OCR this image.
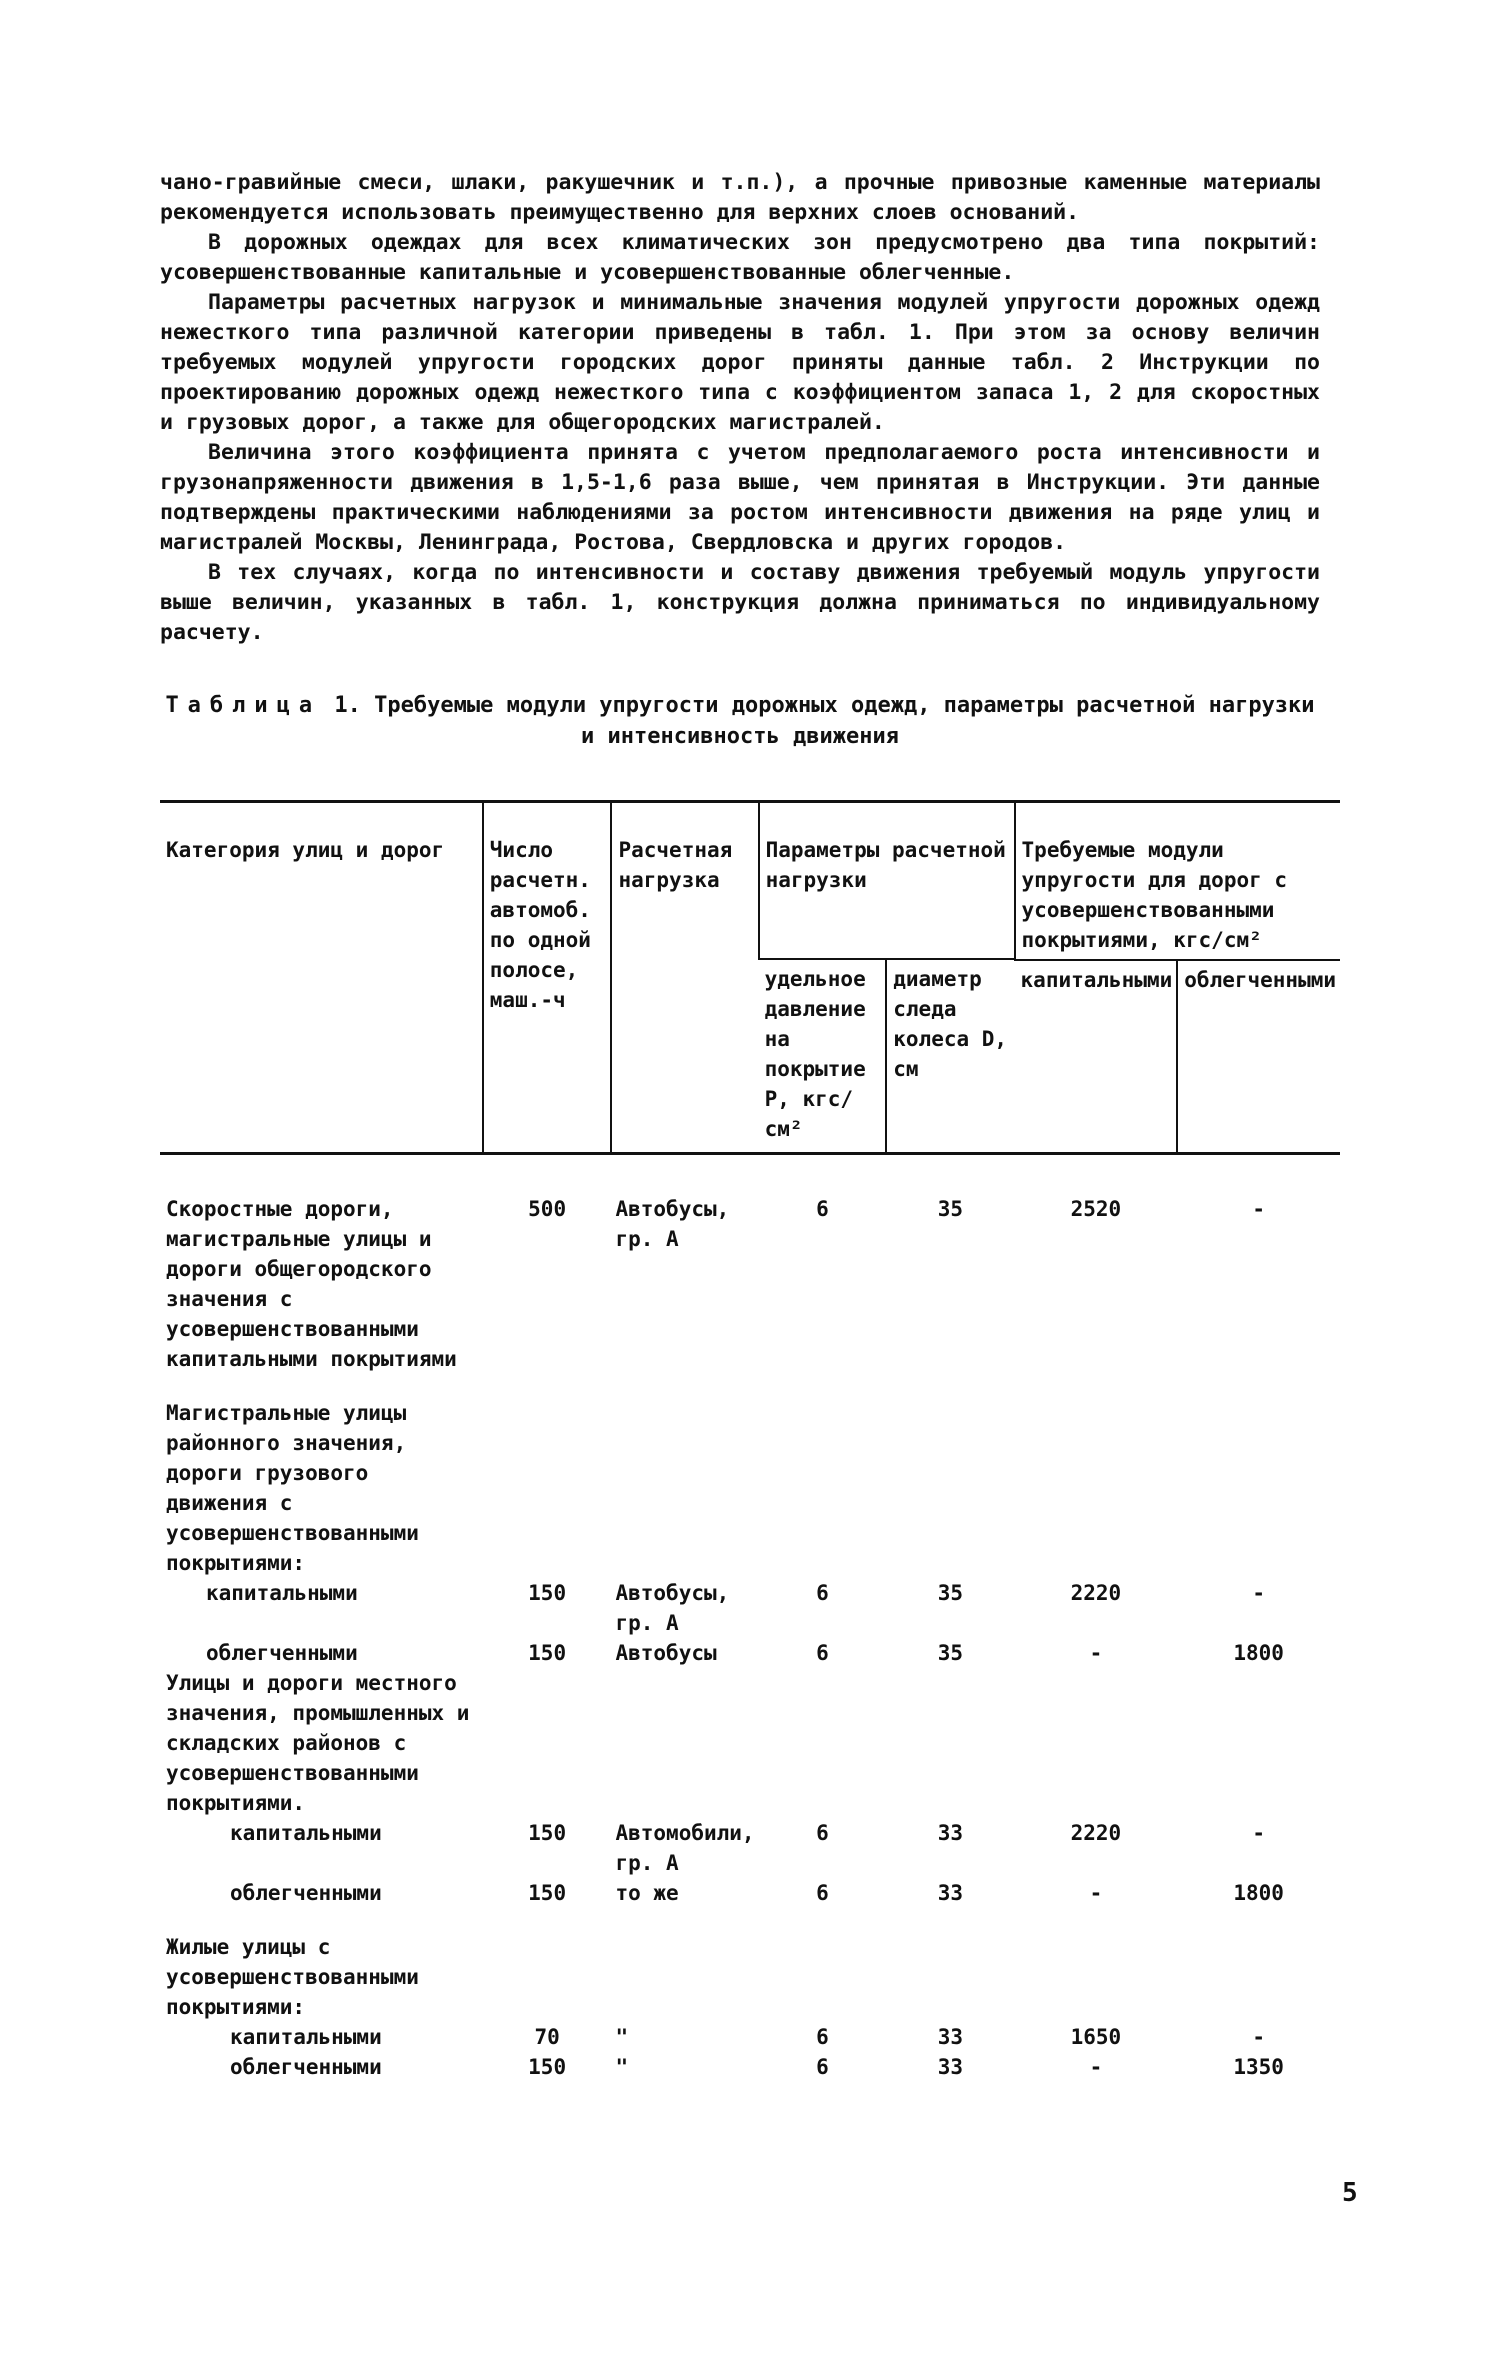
чано-гравийные смеси, шлаки, ракушечник и т.п.), а прочные привозные каменные материалы рекомендуется использовать преимущественно для верхних слоев оснований.

В дорожных одеждах для всех климатических зон предусмотрено два типа покрытий: усовершенствованные капитальные и усовершенствованные облегченные.

Параметры расчетных нагрузок и минимальные значения модулей упругости дорожных одежд нежесткого типа различной категории приведены в табл. 1. При этом за основу величин требуемых модулей упругости городских дорог приняты данные табл. 2 Инструкции по проектированию дорожных одежд нежесткого типа с коэффициентом запаса 1, 2 для скоростных и грузовых дорог, а также для общегородских магистралей.

Величина этого коэффициента принята с учетом предполагаемого роста интенсивности и грузонапряженности движения в 1,5-1,6 раза выше, чем принятая в Инструкции. Эти данные подтверждены практическими наблюдениями за ростом интенсивности движения на ряде улиц и магистралей Москвы, Ленинграда, Ростова, Свердловска и других городов.

В тех случаях, когда по интенсивности и составу движения требуемый модуль упругости выше величин, указанных в табл. 1, конструкция должна приниматься по индивидуальному расчету.

Таблица 1. Требуемые модули упругости дорожных одежд, параметры расчетной нагрузки и интенсивность движения
Категория улиц и дорог	Число расчетн. автомоб. по одной полосе, маш.-ч	Расчетная нагрузка	Параметры расчетной нагрузки		Требуемые модули упругости для дорог с усовершенствованными покрытиями, кгс/см²	
			удельное давление на покрытие P, кгс/см²	диаметр следа колеса D, см		
					капитальными	облегченными

Скоростные дороги, магистральные улицы и дороги общегородского значения с усовершенствованными капитальными покрытиями	500	Автобусы, гр. А	6	35	2520	-

Магистральные улицы районного значения, дороги грузового движения с усовершенствованными покрытиями:						
капитальными	150	Автобусы, гр. А	6	35	2220	-
облегченными	150	Автобусы	6	35	-	1800
Улицы и дороги местного значения, промышленных и складских районов с усовершенствованными покрытиями.						
капитальными	150	Автомобили, гр. А	6	33	2220	-
облегченными	150	то же	6	33	-	1800

Жилые улицы с усовершенствованными покрытиями:						
капитальными	70	"	6	33	1650	-
облегченными	150	"	6	33	-	1350
5
